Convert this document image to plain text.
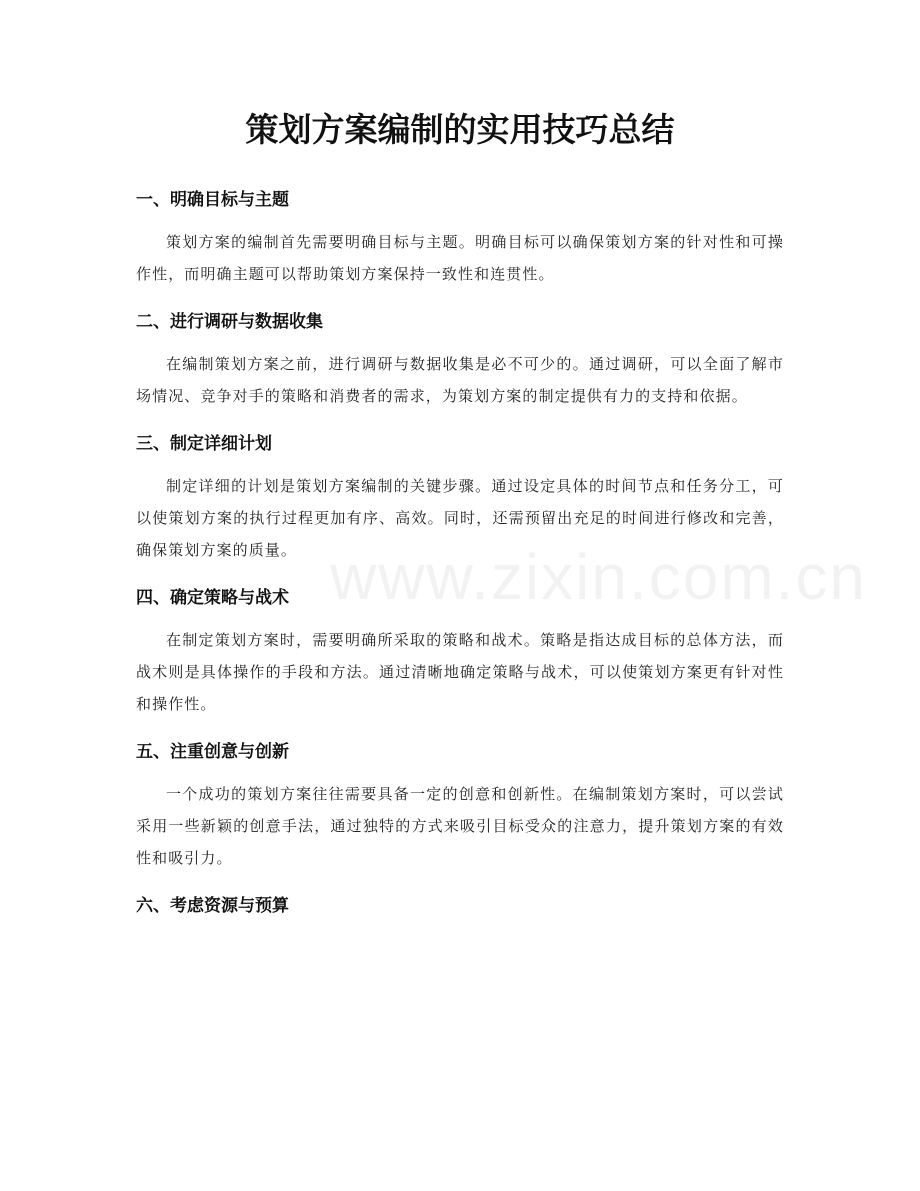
www.zixin.com.cn
策划方案编制的实用技巧总结
一、明确目标与主题

策划方案的编制首先需要明确目标与主题。明确目标可以确保策划方案的针对性和可操作性，而明确主题可以帮助策划方案保持一致性和连贯性。

二、进行调研与数据收集

在编制策划方案之前，进行调研与数据收集是必不可少的。通过调研，可以全面了解市场情况、竞争对手的策略和消费者的需求，为策划方案的制定提供有力的支持和依据。

三、制定详细计划

制定详细的计划是策划方案编制的关键步骤。通过设定具体的时间节点和任务分工，可以使策划方案的执行过程更加有序、高效。同时，还需预留出充足的时间进行修改和完善，确保策划方案的质量。

四、确定策略与战术

在制定策划方案时，需要明确所采取的策略和战术。策略是指达成目标的总体方法，而战术则是具体操作的手段和方法。通过清晰地确定策略与战术，可以使策划方案更有针对性和操作性。

五、注重创意与创新

一个成功的策划方案往往需要具备一定的创意和创新性。在编制策划方案时，可以尝试采用一些新颖的创意手法，通过独特的方式来吸引目标受众的注意力，提升策划方案的有效性和吸引力。

六、考虑资源与预算
